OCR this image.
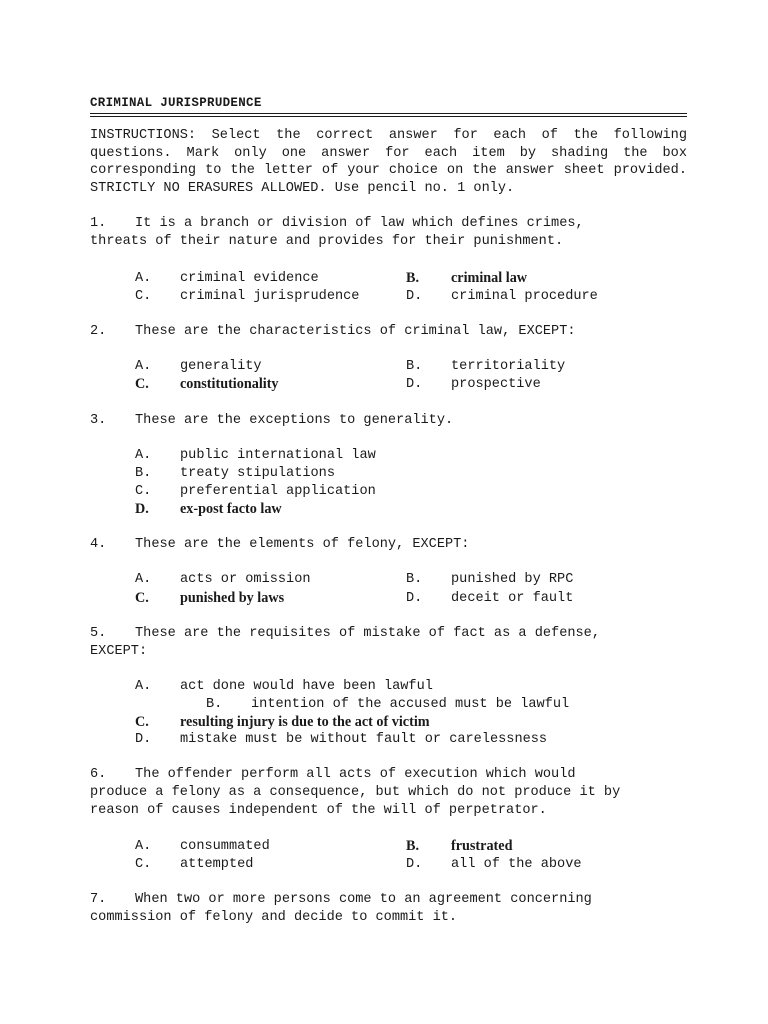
CRIMINAL JURISPRUDENCE
INSTRUCTIONS: Select the correct answer for each of the following questions. Mark only one answer for each item by shading the box corresponding to the letter of your choice on the answer sheet provided. STRICTLY NO ERASURES ALLOWED. Use pencil no. 1 only.
1. It is a branch or division of law which defines crimes,
threats of their nature and provides for their punishment.
A. criminal evidence	B. criminal law
C. criminal jurisprudence	D. criminal procedure
2. These are the characteristics of criminal law, EXCEPT:
A. generality	B. territoriality
C. constitutionality	D. prospective
3. These are the exceptions to generality.
A. public international law
B. treaty stipulations
C. preferential application
D. ex-post facto law
4. These are the elements of felony, EXCEPT:
A. acts or omission	B. punished by RPC
C. punished by laws	D. deceit or fault
5. These are the requisites of mistake of fact as a defense,
EXCEPT:
A. act done would have been lawful
B. intention of the accused must be lawful
C. resulting injury is due to the act of victim
D. mistake must be without fault or carelessness
6. The offender perform all acts of execution which would
produce a felony as a consequence, but which do not produce it by
reason of causes independent of the will of perpetrator.
A. consummated	B. frustrated
C. attempted	D. all of the above
7. When two or more persons come to an agreement concerning
commission of felony and decide to commit it.
